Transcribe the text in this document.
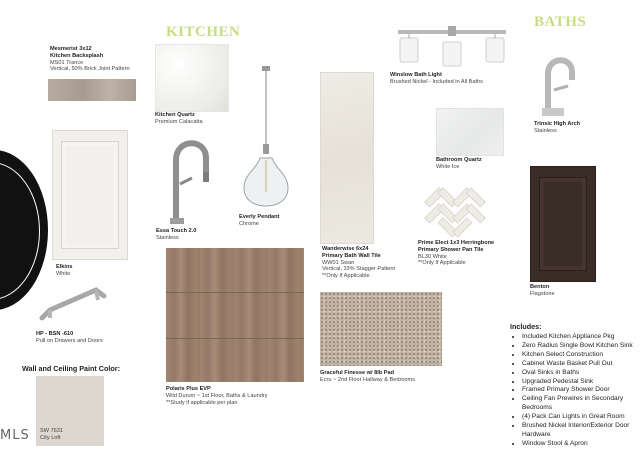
MLS
KITCHEN
BATHS
Mesmerist 3x12
Kitchen Backsplash
MS01 Trance
Vertical, 50% Brick Joint Pattern
Kitchen Quartz
Premium Calacatta
Everly Pendant
Chrome
Winslow Bath Light
Brushed Nickel - Included in All Baths
Trinsic High Arch
Stainless
Bathroom Quartz
White Ice
Elkins
White
Essa Touch 2.0
Stainless
Wanderwise 6x24
Primary Bath Wall Tile
WW01 Swan
Vertical, 33% Stagger Pattern
**Only If Applicable
Prime Elect 1x3 Herringbone
Primary Shower Pan Tile
BL30 White
**Only If Applicable
Benton
Flagstone
HP - BSN -610
Pull on Drawers and Doors
Polaris Plus EVP
Wild Durum ~ 1st Floor, Baths & Laundry
**Study if applicable per plan
Graceful Finesse w/ 8lb Pad
Ecru ~ 2nd Floor Hallway & Bedrooms
Wall and Ceiling Paint Color:
SW 7631
City Loft
Includes:
• Included Kitchen Appliance Pkg
• Zero Radius Single Bowl Kitchen Sink
• Kitchen Select Construction
• Cabinet Waste Basket Pull Out
• Oval Sinks in Baths
• Upgraded Pedestal Sink
• Framed Primary Shower Door
• Ceiling Fan Prewires in Secondary Bedrooms
• (4) Pack Can Lights in Great Room
• Brushed Nickel Interior/Exterior Door Hardware
• Window Stool & Apron
